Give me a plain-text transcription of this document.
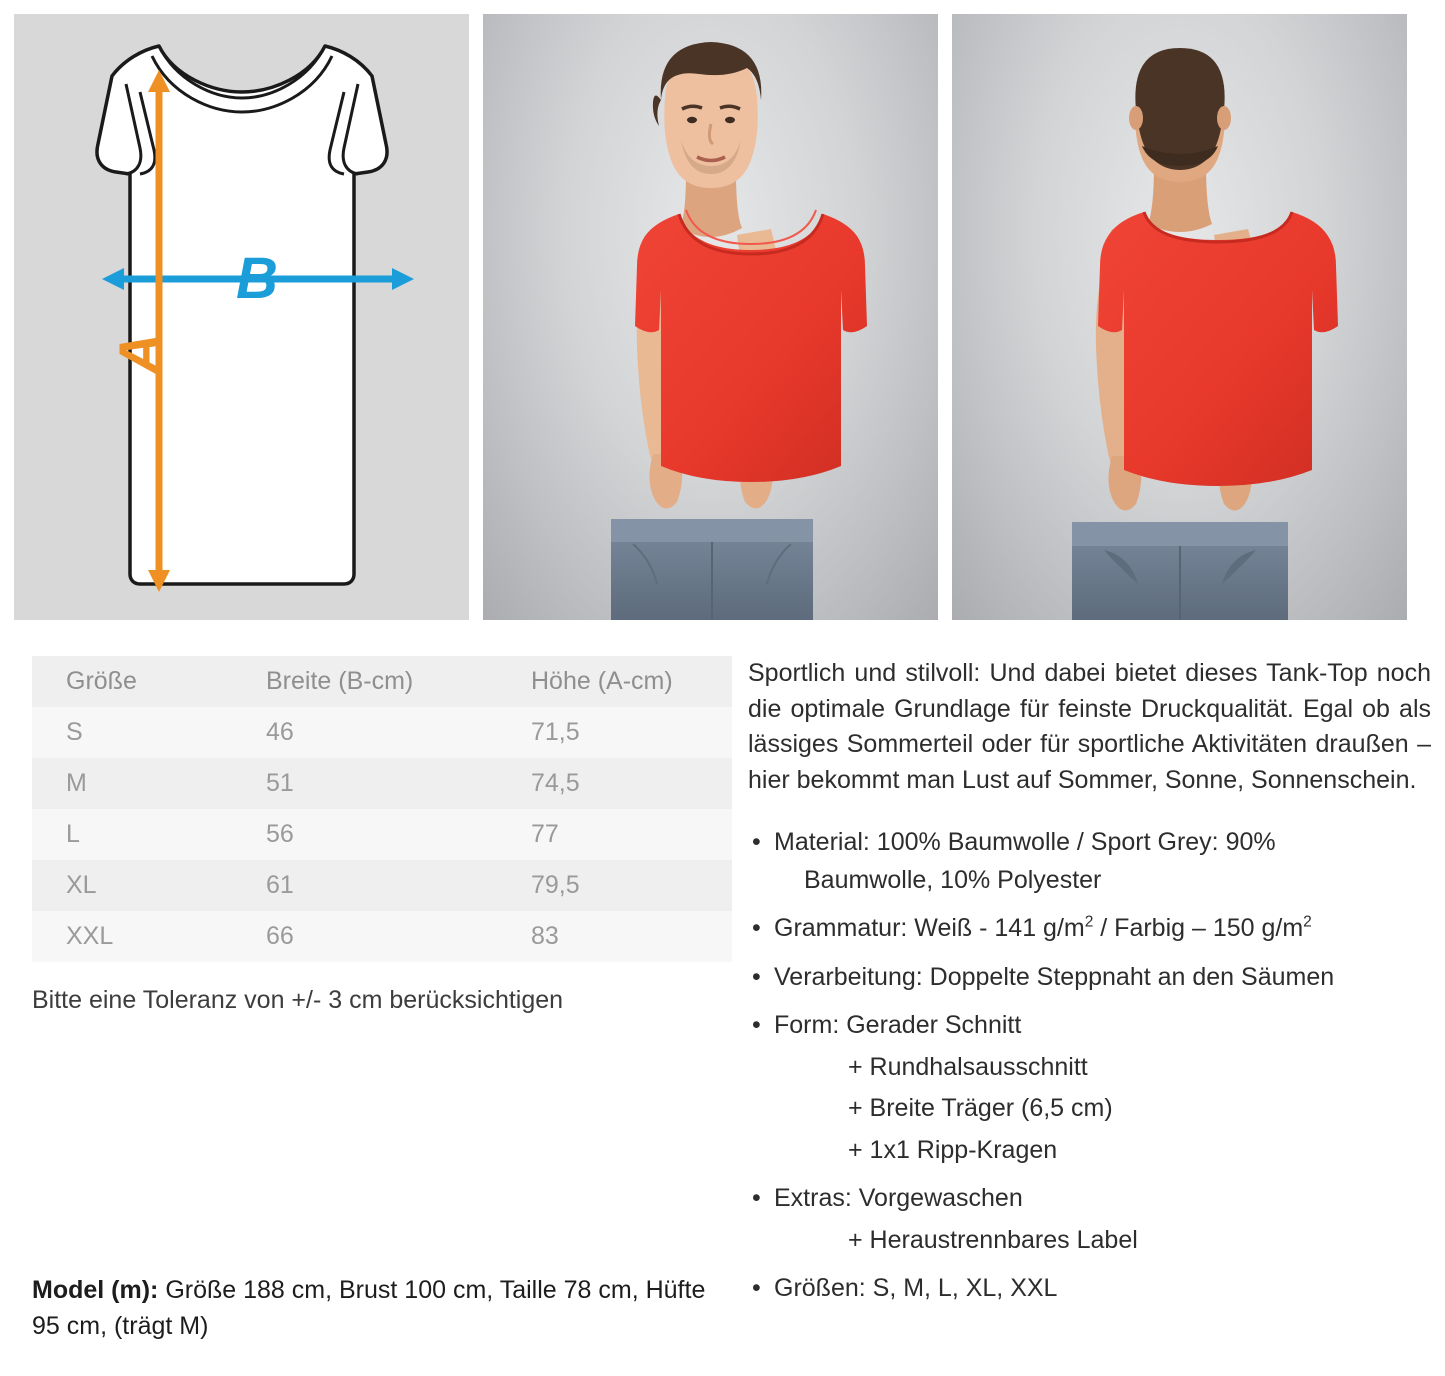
B
A
Größe	Breite (B-cm)	Höhe (A-cm)
S	46	71,5
M	51	74,5
L	56	77
XL	61	79,5
XXL	66	83
Bitte eine Toleranz von +/- 3 cm berücksichtigen

Sportlich und stilvoll: Und dabei bietet dieses Tank-Top noch die optimale Grundlage für feinste Druckqualität. Egal ob als lässiges Sommerteil oder für sportliche Aktivitäten draußen – hier bekommt man Lust auf Sommer, Sonne, Sonnenschein.

• Material: 100% Baumwolle / Sport Grey: 90%
Baumwolle, 10% Polyester
• Grammatur: Weiß - 141 $g/m^2$ / Farbig – 150 $g/m^2$
• Verarbeitung: Doppelte Steppnaht an den Säumen
• Form: Gerader Schnitt
+ Rundhalsausschnitt
+ Breite Träger (6,5 cm)
+ 1x1 Ripp-Kragen
• Extras: Vorgewaschen
+ Heraustrennbares Label
• Größen: S, M, L, XL, XXL
Model (m): Größe 188 cm, Brust 100 cm, Taille 78 cm, Hüfte 95 cm, (trägt M)
